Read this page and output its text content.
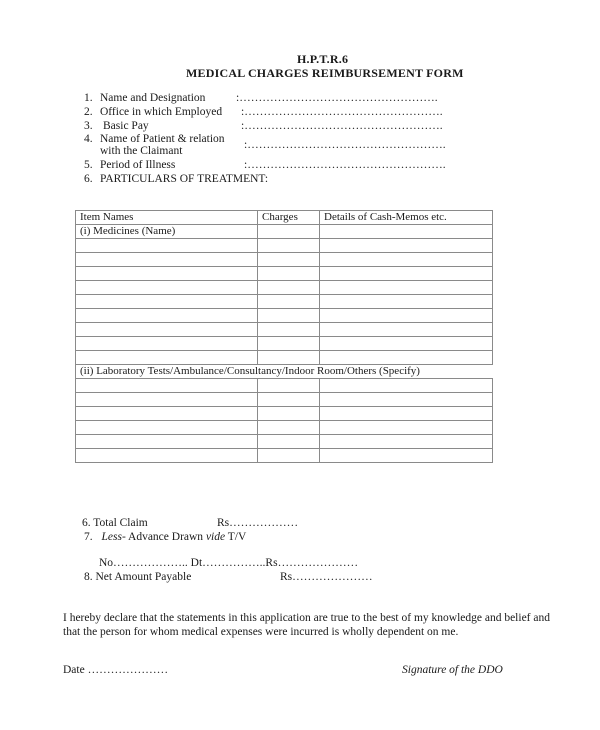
H.P.T.R.6
MEDICAL CHARGES REIMBURSEMENT FORM
1. Name and Designation	:…………………………………………….
2. Office in which Employed :…………………………………………….
3. Basic Pay	:…………………………………………….
4. Name of Patient & relation
with the Claimant	:…………………………………………….
5. Period of Illness	:…………………………………………….
6. PARTICULARS OF TREATMENT:
Item Names	Charges	Details of Cash-Memos etc.
(i) Medicines (Name)		

(ii) Laboratory Tests/Ambulance/Consultancy/Indoor Room/Others (Specify)		

6. Total Claim	Rs………………
7. Less- Advance Drawn vide T/V
No……………….. Dt……………..Rs…………………
8. Net Amount Payable	Rs…………………
I hereby declare that the statements in this application are true to the best of my knowledge and belief and
that the person for whom medical expenses were incurred is wholly dependent on me.
Date …………………	Signature of the DDO
